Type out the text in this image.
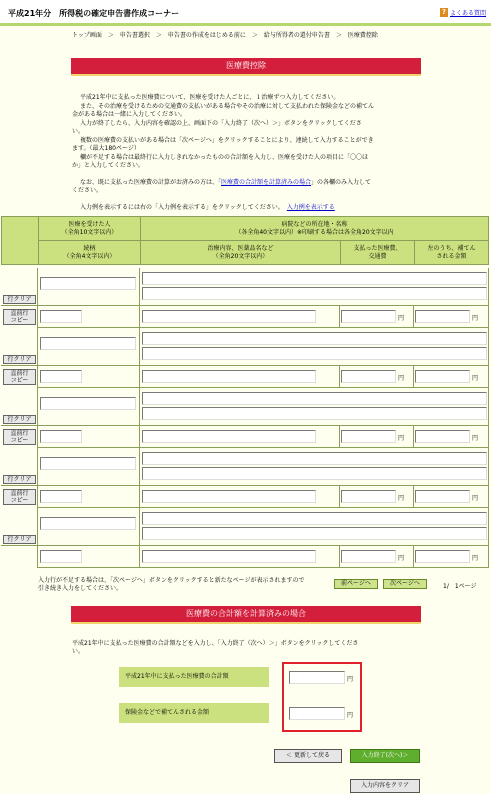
平成21年分　所得税の確定申告書作成コーナー	? よくある質問
トップ画面　＞　申告書選択　＞　申告書の作成をはじめる前に　＞　給与所得者の還付申告書　＞　医療費控除
医療費控除

平成21年中に支払った医療費について、医療を受けた人ごとに、１治療ずつ入力してください。

また、その治療を受けるための交通費の支払いがある場合やその治療に対して支払われた保険金などの補てん

金がある場合は一緒に入力してください。

入力が終了したら、入力内容を確認の上、画面下の「入力終了（次へ）＞」ボタンをクリックしてくださ

い。

複数の医療費の支払いがある場合は「次ページへ」をクリックすることにより、連続して入力することができ

ます。（最大180ページ）

欄が不足する場合は最終行に入力しきれなかったものの合計額を入力し、医療を受けた人の項目に「〇〇ほ

か」と入力してください。

なお、既に支払った医療費の計算がお済みの方は、「医療費の合計額を計算済みの場合」の各欄のみ入力して

ください。

入力例を表示するには右の「入力例を表示する」をクリックしてください。　 入力例を表示する

	医療を受けた人
（全角10文字以内）	病院などの所在地・名称
（各全角40文字以内）※印刷する場合は各全角20文字以内		
	続柄
（全角4文字以内）	治療内容、医薬品名など
（全角20文字以内）	支払った医療費、
交通費	左のうち、補てん
される金額
円	円
行クリア
円	円
行クリア
直前行
コピー
円	円
行クリア
直前行
コピー
円	円
行クリア
直前行
コピー
円	円
行クリア
直前行
コピー
入力行が不足する場合は、「次ページへ」ボタンをクリックすると新たなページが表示されますので引き続き入力をしてください。
前ページへ	次ページへ	1/　 1ページ
医療費の合計額を計算済みの場合
平成21年中に支払った医療費の合計額などを入力し、「入力終了（次へ）＞」ボタンをクリックしてくださ
い。
平成21年中に支払った医療費の合計額
保険金などで補てんされる金額
円
円
＜ 更新して戻る	入力終了(次へ)＞
入力内容をクリア
